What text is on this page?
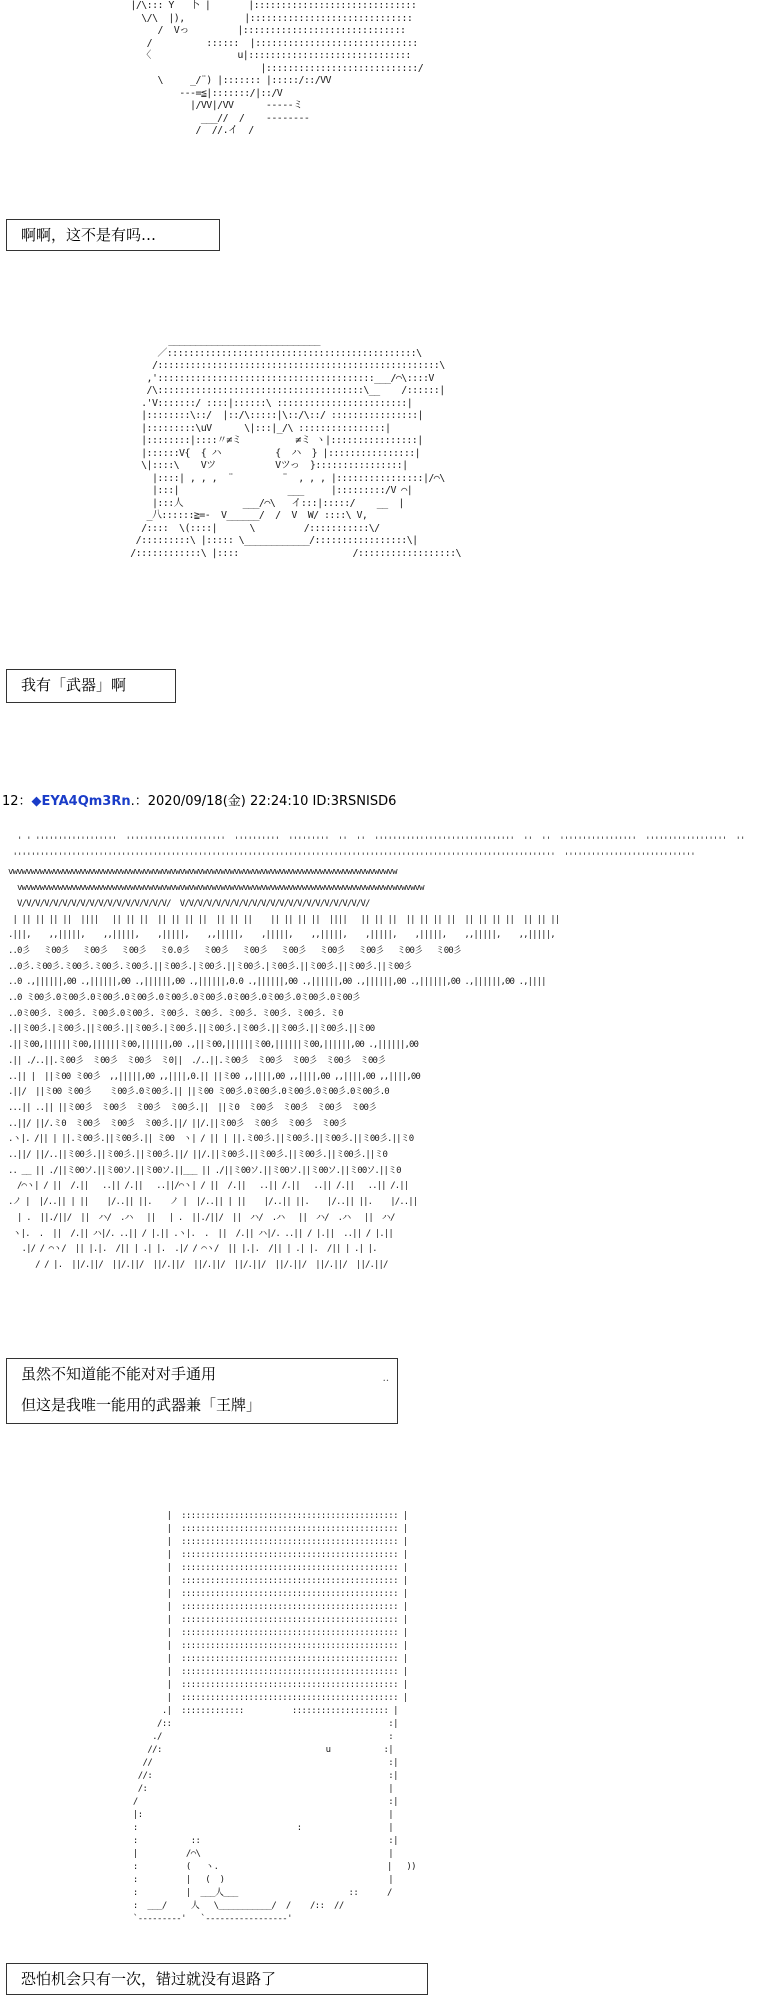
|/\::: Y   卜 |       |::::::::::::::::::::::::::::::
\/\  |),           |::::::::::::::::::::::::::::::
/  Vっ         |::::::::::::::::::::::::::::::
/          ::::::  |::::::::::::::::::::::::::::::
〈                u|::::::::::::::::::::::::::::::
|::::::::::::::::::::::::::::/
\     _/¨) |::::::: |:::::/::/VV
---=≦|:::::::/|::/V
|/VV|/VV      -----ミ
___//  /    --------
/  //.イ  /
啊啊，这不是有吗…
____________________________
／::::::::::::::::::::::::::::::::::::::::::::::\
/::::::::::::::::::::::::::::::::::::::::::::::::::::\
,'::::::::::::::::::::::::::::::::::::::::___/⌒\::::V
/\::::::::::::::::::::::::::::::::::::::\__    /::::::|
.'V:::::::/ ::::|::::::\ ::::::::::::::::::::::::|
|::::::::\::/  |::/\:::::|\::/\::/ ::::::::::::::::|
|:::::::::\uV      \|:::|_/\ ::::::::::::::::|
|::::::::|::::〃≠ミ          ≠ミ ヽ|::::::::::::::::|
|::::::V{  { ハ          {  ハ  } |::::::::::::::::|
\|::::\    Vツ           Vツっ  }::::::::::::::::|
|::::| , , ,  ¨         ¨  , , , |::::::::::::::::|/⌒\
|:::|                    ___     |:::::::::/V ⌒|
|:::人           ___/⌒\   イ:::|:::::/    __  |
_八::::::≧=-  V______/  /  V  W/ ::::\ V,
/::::  \(::::|      \         /:::::::::::\/
/:::::::::\ |::::: \____________/:::::::::::::::::\|
/::::::::::::\ |::::                     /::::::::::::::::::\
我有「武器」啊
12：◆EYA4Qm3Rn.：2020/09/18(金) 22:24:10 ID:3RSNISD6
' ' ''''''''''''''''''  ''''''''''''''''''''''  ''''''''''  '''''''''  ''  ''  '''''''''''''''''''''''''''''''  ''  ''  '''''''''''''''''  ''''''''''''''''''  ''
''''''''''''''''''''''''''''''''''''''''''''''''''''''''''''''''''''''''''''''''''''''''''''''''''''''''''''''''''''''''  '''''''''''''''''''''''''''''
vwvwvwvwvwvwvwvwvwvwvwvwvwvwvwvwvwvwvwvwvwvwvwvwvwvwvwvwvwvwvwvwvwvwvwvwvwvwvwvwvwvwvw
vwvwvwvwvwvwvwvwvwvwvwvwvwvwvwvwvwvwvwvwvwvwvwvwvwvwvwvwvwvwvwvwvwvwvwvwvwvwvwvwvwvwvwvwvw
V/V/V/V/V/V/V/V/V/V/V/V/V/V/V/V/V/  V/V/V/V/V/V/V/V/V/V/V/V/V/V/V/V/V/V/V/V/V/
| || || || ||  ||||   || || ||  || || || ||  || || ||    || || || ||  ||||   || || ||  || || || ||  || || || ||  || || ||
.|||,    ,,|||||,    ,,|||||,    ,|||||,    ,,|||||,    ,|||||,    ,,|||||,    ,|||||,    ,|||||,    ,,|||||,    ,,|||||,
..0彡   ミ00彡   ミ00彡   ミ00彡   ミ0.0彡   ミ00彡   ミ00彡   ミ00彡   ミ00彡   ミ00彡   ミ00彡   ミ00彡
..0彡.ミ00彡.ミ00彡.ミ00彡.ミ00彡.||ミ00彡.|ミ00彡.||ミ00彡.|ミ00彡.||ミ00彡.||ミ00彡.||ミ00彡
..0 .,||||||,00 .,||||||,00 .,||||||,00 .,||||||,0.0 .,||||||,00 .,||||||,00 .,||||||,00 .,||||||,00 .,||||||,00 .,||||
..0 ミ00彡.0ミ00彡.0ミ00彡.0ミ00彡.0ミ00彡.0ミ00彡.0ミ00彡.0ミ00彡.0ミ00彡.0ミ00彡
..0ミ00彡. ミ00彡. ミ00彡.0ミ00彡. ミ00彡. ミ00彡. ミ00彡. ミ00彡. ミ00彡. ミ0
.||ミ00彡.|ミ00彡.||ミ00彡.||ミ00彡.|ミ00彡.||ミ00彡.|ミ00彡.||ミ00彡.||ミ00彡.||ミ00
.||ミ00,||||||ミ00,||||||ミ00,||||||,00 .,||ミ00,||||||ミ00,||||||ミ00,||||||,00 .,||||||,00
.|| ./..||.ミ00彡  ミ00彡  ミ00彡  ミ0||  ./..||.ミ00彡  ミ00彡  ミ00彡  ミ00彡  ミ00彡
..|| |  ||ミ00 ミ00彡  ,,|||||,00 ,,||||,0.|| ||ミ00 ,,||||,00 ,,||||,00 ,,||||,00 ,,||||,00
.||/  ||ミ00 ミ00彡    ミ00彡.0ミ00彡.|| ||ミ00 ミ00彡.0ミ00彡.0ミ00彡.0ミ00彡.0ミ00彡.0
...|| ..|| ||ミ00彡  ミ00彡  ミ00彡  ミ00彡.||  ||ミ0  ミ00彡  ミ00彡  ミ00彡  ミ00彡
..||/ ||/.ミ0  ミ00彡  ミ00彡  ミ00彡.||/ ||/.||ミ00彡  ミ00彡  ミ00彡  ミ00彡
.ヽ|. /|| | ||.ミ00彡.||ミ00彡.|| ミ00  ヽ| / || | ||.ミ00彡.||ミ00彡.||ミ00彡.||ミ00彡.||ミ0
..||/ ||/..||ミ00彡.||ミ00彡.||ミ00彡.||/ ||/.||ミ00彡.||ミ00彡.||ミ00彡.||ミ00彡.||ミ0
.. __ || ./||ミ00ソ.||ミ00ソ.||ミ00ソ.||___ || ./||ミ00ソ.||ミ00ソ.||ミ00ソ.||ミ00ソ.||ミ0
/⌒ヽ| / ||  /.||   ..|| /.||   ..||/⌒ヽ| / ||  /.||   ..|| /.||   ..|| /.||   ..|| /.||
.ノ |  |/..|| | ||    |/..|| ||.    ノ |  |/..|| | ||    |/..|| ||.    |/..|| ||.    |/..||
| .  ||./||/  ||  ハ/  .ハ   ||   | .  ||./||/  ||  ハ/  .ハ   ||  ハ/  .ハ   ||  ハ/
ヽ|.  .  ||  /.|| ハ|/. ..|| / |.|| .ヽ|.  .  ||  /.|| ハ|/. ..|| / |.||  ..|| / |.||
.|/ / ⌒ヽ/  || |.|.  /|| | .| |.  .|/ / ⌒ヽ/  || |.|.  /|| | .| |.  /|| | .| |.
/ / |.  ||/.||/  ||/.||/  ||/.||/  ||/.||/  ||/.||/  ||/.||/  ||/.||/  ||/.||/
虽然不知道能不能对对手通用
但这是我唯一能用的武器兼「王牌」
..
|  ::::::::::::::::::::::::::::::::::::::::::::: |
|  ::::::::::::::::::::::::::::::::::::::::::::: |
|  ::::::::::::::::::::::::::::::::::::::::::::: |
|  ::::::::::::::::::::::::::::::::::::::::::::: |
|  ::::::::::::::::::::::::::::::::::::::::::::: |
|  ::::::::::::::::::::::::::::::::::::::::::::: |
|  ::::::::::::::::::::::::::::::::::::::::::::: |
|  ::::::::::::::::::::::::::::::::::::::::::::: |
|  ::::::::::::::::::::::::::::::::::::::::::::: |
|  ::::::::::::::::::::::::::::::::::::::::::::: |
|  ::::::::::::::::::::::::::::::::::::::::::::: |
|  ::::::::::::::::::::::::::::::::::::::::::::: |
|  ::::::::::::::::::::::::::::::::::::::::::::: |
|  ::::::::::::::::::::::::::::::::::::::::::::: |
|  ::::::::::::::::::::::::::::::::::::::::::::: |
.|  :::::::::::::          :::::::::::::::::::: |
/::                                             :|
./                                               :
//:                                  u           :|
//                                                 :|
//:                                                 :|
/:                                                  |
/                                                    :|
|:                                                   |
:                                 :                  |
:           ::                                       :|
|          /⌒\                                       |
:          (   ヽ.                                   |   ))
:          |   (  )                                  |
:          |  ___人___                       ::      /
:  ___/     人   \___________/  /    /::  //
`---------'   `-----------------'
恐怕机会只有一次，错过就没有退路了
